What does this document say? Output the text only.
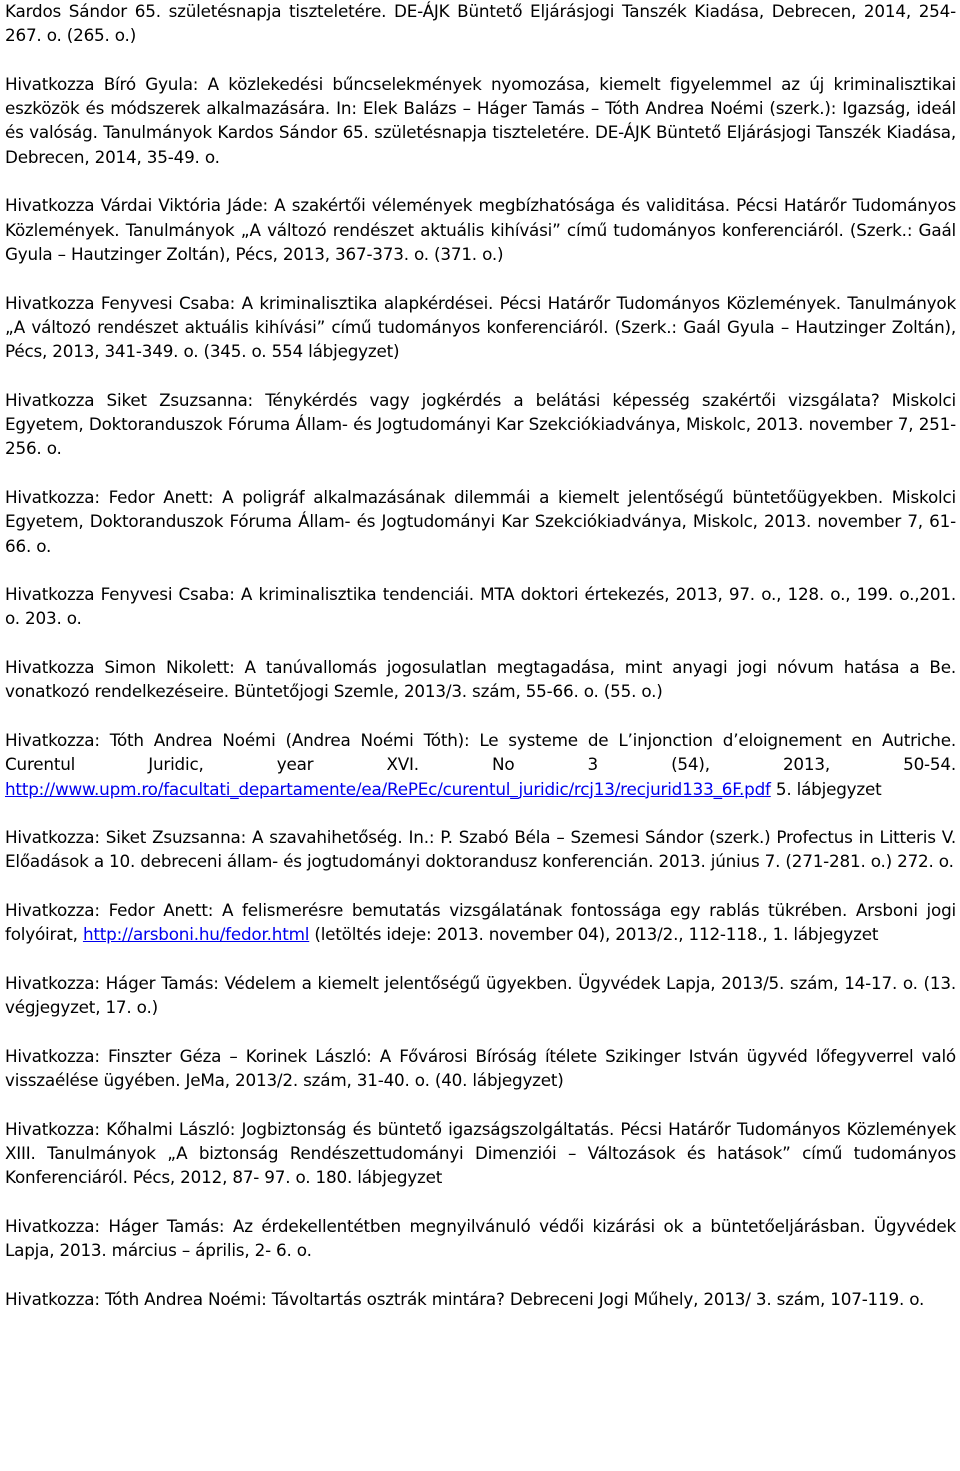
Kardos Sándor 65. születésnapja tiszteletére. DE-ÁJK Büntető Eljárásjogi Tanszék Kiadása, Debrecen, 2014, 254-267. o. (265. o.)

Hivatkozza Bíró Gyula: A közlekedési bűncselekmények nyomozása, kiemelt figyelemmel az új kriminalisztikai eszközök és módszerek alkalmazására. In: Elek Balázs – Háger Tamás – Tóth Andrea Noémi (szerk.): Igazság, ideál és valóság. Tanulmányok Kardos Sándor 65. születésnapja tiszteletére. DE-ÁJK Büntető Eljárásjogi Tanszék Kiadása, Debrecen, 2014, 35-49. o.

Hivatkozza Várdai Viktória Jáde: A szakértői vélemények megbízhatósága és validitása. Pécsi Határőr Tudományos Közlemények. Tanulmányok „A változó rendészet aktuális kihívási” című tudományos konferenciáról. (Szerk.: Gaál Gyula – Hautzinger Zoltán), Pécs, 2013, 367-373. o. (371. o.)

Hivatkozza Fenyvesi Csaba: A kriminalisztika alapkérdései. Pécsi Határőr Tudományos Közlemények. Tanulmányok „A változó rendészet aktuális kihívási” című tudományos konferenciáról. (Szerk.: Gaál Gyula – Hautzinger Zoltán), Pécs, 2013, 341-349. o. (345. o. 554 lábjegyzet)

Hivatkozza Siket Zsuzsanna: Ténykérdés vagy jogkérdés a belátási képesség szakértői vizsgálata? Miskolci Egyetem, Doktoranduszok Fóruma Állam- és Jogtudományi Kar Szekciókiadványa, Miskolc, 2013. november 7, 251-256. o.

Hivatkozza: Fedor Anett: A poligráf alkalmazásának dilemmái a kiemelt jelentőségű büntetőügyekben. Miskolci Egyetem, Doktoranduszok Fóruma Állam- és Jogtudományi Kar Szekciókiadványa, Miskolc, 2013. november 7, 61-66. o.

Hivatkozza Fenyvesi Csaba: A kriminalisztika tendenciái. MTA doktori értekezés, 2013, 97. o., 128. o., 199. o.,201. o. 203. o.

Hivatkozza Simon Nikolett: A tanúvallomás jogosulatlan megtagadása, mint anyagi jogi nóvum hatása a Be. vonatkozó rendelkezéseire. Büntetőjogi Szemle, 2013/3. szám, 55-66. o. (55. o.)

Hivatkozza: Tóth Andrea Noémi (Andrea Noémi Tóth): Le systeme de L’injonction d’eloignement en Autriche. Curentul Juridic, year XVI. No 3 (54), 2013, 50-54. http://www.upm.ro/facultati_departamente/ea/RePEc/curentul_juridic/rcj13/recjurid133_6F.pdf 5. lábjegyzet

Hivatkozza: Siket Zsuzsanna: A szavahihetőség. In.: P. Szabó Béla – Szemesi Sándor (szerk.) Profectus in Litteris V. Előadások a 10. debreceni állam- és jogtudományi doktorandusz konferencián. 2013. június 7. (271-281. o.) 272. o.

Hivatkozza: Fedor Anett: A felismerésre bemutatás vizsgálatának fontossága egy rablás tükrében. Arsboni jogi folyóirat, http://arsboni.hu/fedor.html (letöltés ideje: 2013. november 04), 2013/2., 112-118., 1. lábjegyzet

Hivatkozza: Háger Tamás: Védelem a kiemelt jelentőségű ügyekben. Ügyvédek Lapja, 2013/5. szám, 14-17. o. (13. végjegyzet, 17. o.)

Hivatkozza: Finszter Géza – Korinek László: A Fővárosi Bíróság ítélete Szikinger István ügyvéd lőfegyverrel való visszaélése ügyében. JeMa, 2013/2. szám, 31-40. o. (40. lábjegyzet)

Hivatkozza: Kőhalmi László: Jogbiztonság és büntető igazságszolgáltatás. Pécsi Határőr Tudományos Közlemények XIII. Tanulmányok „A biztonság Rendészettudományi Dimenziói – Változások és hatások” című tudományos Konferenciáról. Pécs, 2012, 87- 97. o. 180. lábjegyzet

Hivatkozza: Háger Tamás: Az érdekellentétben megnyilvánuló védői kizárási ok a büntetőeljárásban. Ügyvédek Lapja, 2013. március – április, 2- 6. o.

Hivatkozza: Tóth Andrea Noémi: Távoltartás osztrák mintára? Debreceni Jogi Műhely, 2013/ 3. szám, 107-119. o.
